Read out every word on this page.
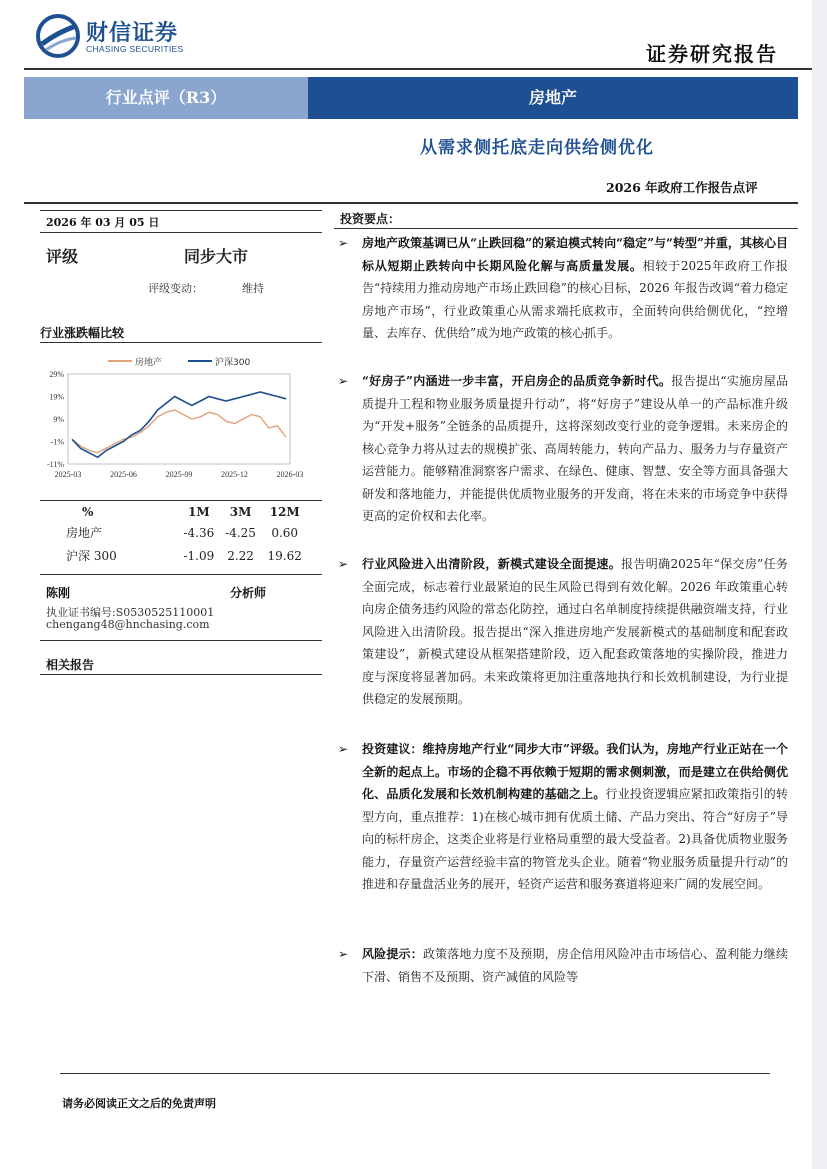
财信证券
CHASING SECURITIES	证券研究报告
行业点评（R3）	房地产
从需求侧托底走向供给侧优化
2026 年政府工作报告点评
2026 年 03 月 05 日
评级	同步大市
评级变动：	维持
行业涨跌幅比较
房地产	沪深300
29%
19%
9%
-1%
-11%
2025-03	2025-06	2025-09	2025-12	2026-03
%	1M	3M	12M
房地产	-4.36	-4.25	0.60
沪深 300	-1.09	2.22	19.62
陈刚	分析师
执业证书编号:S0530525110001
chengang48@hnchasing.com
相关报告
投资要点：
➢	房地产政策基调已从“止跌回稳”的紧迫模式转向“稳定”与“转型”并重，其核心目标从短期止跌转向中长期风险化解与高质量发展。相较于2025年政府工作报告“持续用力推动房地产市场止跌回稳”的核心目标，2026 年报告改调“着力稳定房地产市场”，行业政策重心从需求端托底救市，全面转向供给侧优化，“控增量、去库存、优供给”成为地产政策的核心抓手。
➢	“好房子”内涵进一步丰富，开启房企的品质竞争新时代。报告提出“实施房屋品质提升工程和物业服务质量提升行动”，将“好房子”建设从单一的产品标准升级为“开发+服务”全链条的品质提升，这将深刻改变行业的竞争逻辑。未来房企的核心竞争力将从过去的规模扩张、高周转能力，转向产品力、服务力与存量资产运营能力。能够精准洞察客户需求、在绿色、健康、智慧、安全等方面具备强大研发和落地能力，并能提供优质物业服务的开发商，将在未来的市场竞争中获得更高的定价权和去化率。
➢	行业风险进入出清阶段，新模式建设全面提速。报告明确2025年“保交房”任务全面完成，标志着行业最紧迫的民生风险已得到有效化解。2026 年政策重心转向房企债务违约风险的常态化防控，通过白名单制度持续提供融资端支持，行业风险进入出清阶段。报告提出“深入推进房地产发展新模式的基础制度和配套政策建设”，新模式建设从框架搭建阶段，迈入配套政策落地的实操阶段，推进力度与深度将显著加码。未来政策将更加注重落地执行和长效机制建设，为行业提供稳定的发展预期。
➢	投资建议：维持房地产行业“同步大市”评级。我们认为，房地产行业正站在一个全新的起点上。市场的企稳不再依赖于短期的需求侧刺激，而是建立在供给侧优化、品质化发展和长效机制构建的基础之上。行业投资逻辑应紧扣政策指引的转型方向，重点推荐：1)在核心城市拥有优质土储、产品力突出、符合“好房子”导向的标杆房企，这类企业将是行业格局重塑的最大受益者。2)具备优质物业服务能力，存量资产运营经验丰富的物管龙头企业。随着“物业服务质量提升行动”的推进和存量盘活业务的展开，轻资产运营和服务赛道将迎来广阔的发展空间。
➢	风险提示：政策落地力度不及预期，房企信用风险冲击市场信心、盈利能力继续下滑、销售不及预期、资产减值的风险等
请务必阅读正文之后的免责声明
